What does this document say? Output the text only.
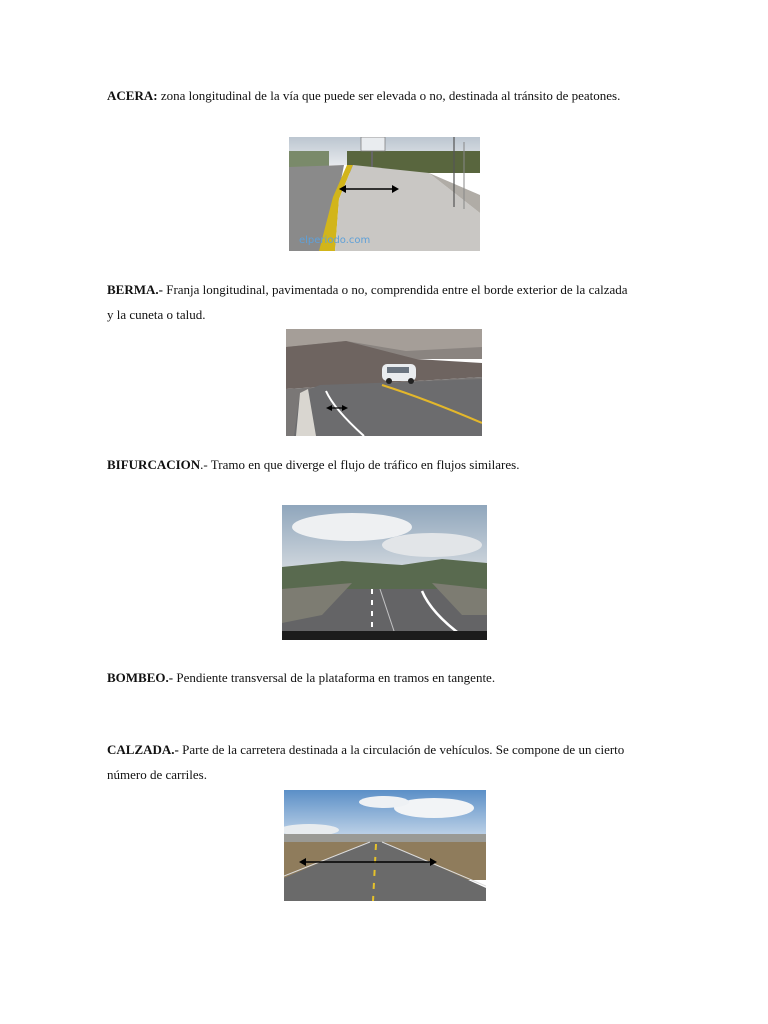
ACERA: zona longitudinal de la vía que puede ser elevada o no, destinada al tránsito de peatones.

elperiodo.com

BERMA.- Franja longitudinal, pavimentada o no, comprendida entre el borde exterior de la calzada
y la cuneta o talud.

BIFURCACION.- Tramo en que diverge el flujo de tráfico en flujos similares.

BOMBEO.- Pendiente transversal de la plataforma en tramos en tangente.

CALZADA.- Parte de la carretera destinada a la circulación de vehículos. Se compone de un cierto
número de carriles.
